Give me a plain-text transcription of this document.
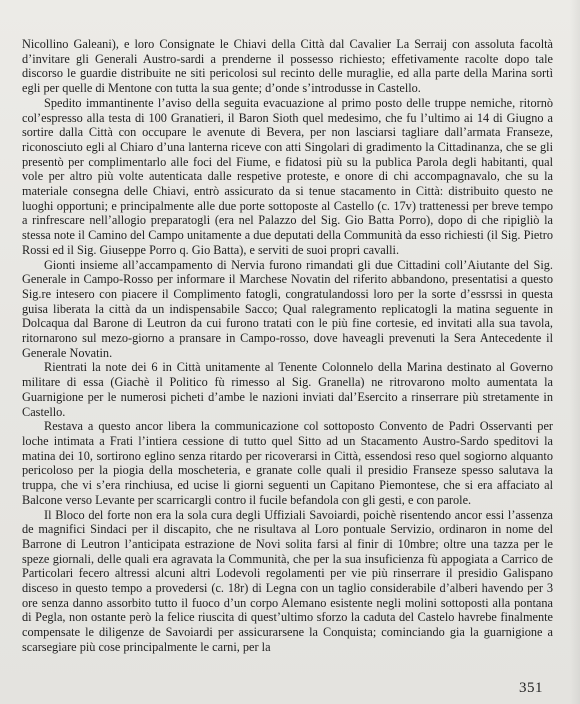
Nicollino Galeani), e loro Consignate le Chiavi della Città dal Cavalier La Serraij con assoluta facoltà d’invitare gli Generali Austro-sardi a prenderne il possesso richiesto; effetivamente racolte dopo tale discorso le guardie distribuite ne siti pericolosi sul recinto delle muraglie, ed alla parte della Marina sortì egli per quelle di Mentone con tutta la sua gente; d’onde s’introdusse in Castello.

Spedito immantinente l’aviso della seguita evacuazione al primo posto delle truppe nemiche, ritornò col’espresso alla testa di 100 Granatieri, il Baron Sioth quel medesimo, che fu l’ultimo ai 14 di Giugno a sortire dalla Città con occupare le avenute di Bevera, per non lasciarsi tagliare dall’armata Franseze, riconosciuto egli al Chiaro d’una lanterna riceve con atti Singolari di gradimento la Cittadinanza, che se gli presentò per complimentarlo alle foci del Fiume, e fidatosi più su la publica Parola degli habitanti, qual vole per altro più volte autenticata dalle respetive proteste, e onore di chi accompagnavalo, che su la materiale consegna delle Chiavi, entrò assicurato da si tenue stacamento in Città: distribuito questo ne luoghi opportuni; e principalmente alle due porte sottoposte al Castello (c. 17v) trattenessi per breve tempo a rinfrescare nell’allogio preparatogli (era nel Palazzo del Sig. Gio Batta Porro), dopo di che ripigliò la stessa note il Camino del Campo unitamente a due deputati della Communità da esso richiesti (il Sig. Pietro Rossi ed il Sig. Giuseppe Porro q. Gio Batta), e serviti de suoi propri cavalli.

Gionti insieme all’accampamento di Nervia furono rimandati gli due Cittadini coll’Aiutante del Sig. Generale in Campo-Rosso per informare il Marchese Novatin del riferito abbandono, presentatisi a questo Sig.re intesero con piacere il Complimento fatogli, congratulandossi loro per la sorte d’essrssi in questa guisa liberata la città da un indispensabile Sacco; Qual ralegramento replicatogli la matina seguente in Dolcaqua dal Barone di Leutron da cui furono tratati con le più fine cortesie, ed invitati alla sua tavola, ritornarono sul mezo-giorno a pransare in Campo-rosso, dove haveagli prevenuti la Sera Antecedente il Generale Novatin.

Rientrati la note dei 6 in Città unitamente al Tenente Colonnelo della Marina destinato al Governo militare di essa (Giachè il Politico fù rimesso al Sig. Granella) ne ritrovarono molto aumentata la Guarnigione per le numerosi picheti d’ambe le nazioni inviati dal’Esercito a rinserrare più stretamente in Castello.

Restava a questo ancor libera la communicazione col sottoposto Convento de Padri Osservanti per loche intimata a Frati l’intiera cessione di tutto quel Sitto ad un Stacamento Austro-Sardo speditovi la matina dei 10, sortirono eglino senza ritardo per ricoverarsi in Città, essendosi reso quel sogiorno alquanto pericoloso per la piogia della moscheteria, e granate colle quali il presidio Franseze spesso salutava la truppa, che vi s’era rinchiusa, ed ucise li giorni seguenti un Capitano Piemontese, che si era affaciato al Balcone verso Levante per scarricargli contro il fucile befandola con gli gesti, e con parole.

Il Bloco del forte non era la sola cura degli Uffiziali Savoiardi, poichè risentendo ancor essi l’assenza de magnifici Sindaci per il discapito, che ne risultava al Loro pontuale Servizio, ordinaron in nome del Barrone di Leutron l’anticipata estrazione de Novi solita farsi al finir di 10mbre; oltre una tazza per le speze giornali, delle quali era agravata la Communità, che per la sua insuficienza fù appogiata a Carrico de Particolari fecero altressi alcuni altri Lodevoli regolamenti per vie più rinserrare il presidio Galispano disceso in questo tempo a provedersi (c. 18r) di Legna con un taglio considerabile d’alberi havendo per 3 ore senza danno assorbito tutto il fuoco d’un corpo Alemano esistente negli molini sottoposti alla pontana di Pegla, non ostante però la felice riuscita di quest’ultimo sforzo la caduta del Castelo havrebe finalmente compensate le diligenze de Savoiardi per assicurarsene la Conquista; cominciando gia la guarnigione a scarsegiare più cose principalmente le carni, per la

351
